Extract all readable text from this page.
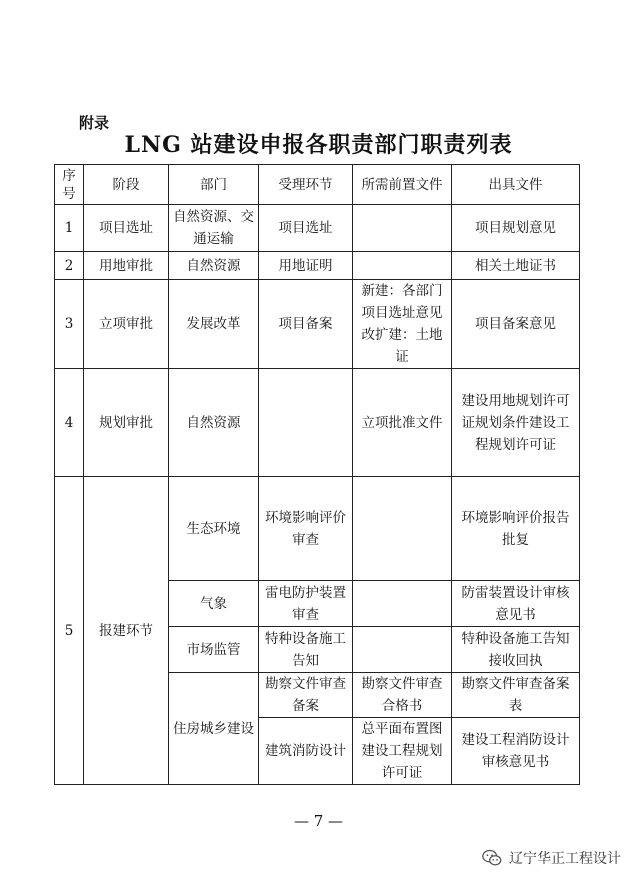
附录
LNG 站建设申报各职责部门职责列表
序号	阶段	部门	受理环节	所需前置文件	出具文件
1	项目选址	自然资源、交通运输	项目选址		项目规划意见
2	用地审批	自然资源	用地证明		相关土地证书
3	立项审批	发展改革	项目备案	新建：各部门项目选址意见改扩建：土地证	项目备案意见
4	规划审批	自然资源		立项批准文件	建设用地规划许可证规划条件建设工程规划许可证
5	报建环节	生态环境	环境影响评价审查		环境影响评价报告批复
		气象	雷电防护装置审查		防雷装置设计审核意见书
		市场监管	特种设备施工告知		特种设备施工告知接收回执
		住房城乡建设	勘察文件审查备案	勘察文件审查合格书	勘察文件审查备案表
			建筑消防设计	总平面布置图建设工程规划许可证	建设工程消防设计审核意见书
— 7 —
辽宁华正工程设计
